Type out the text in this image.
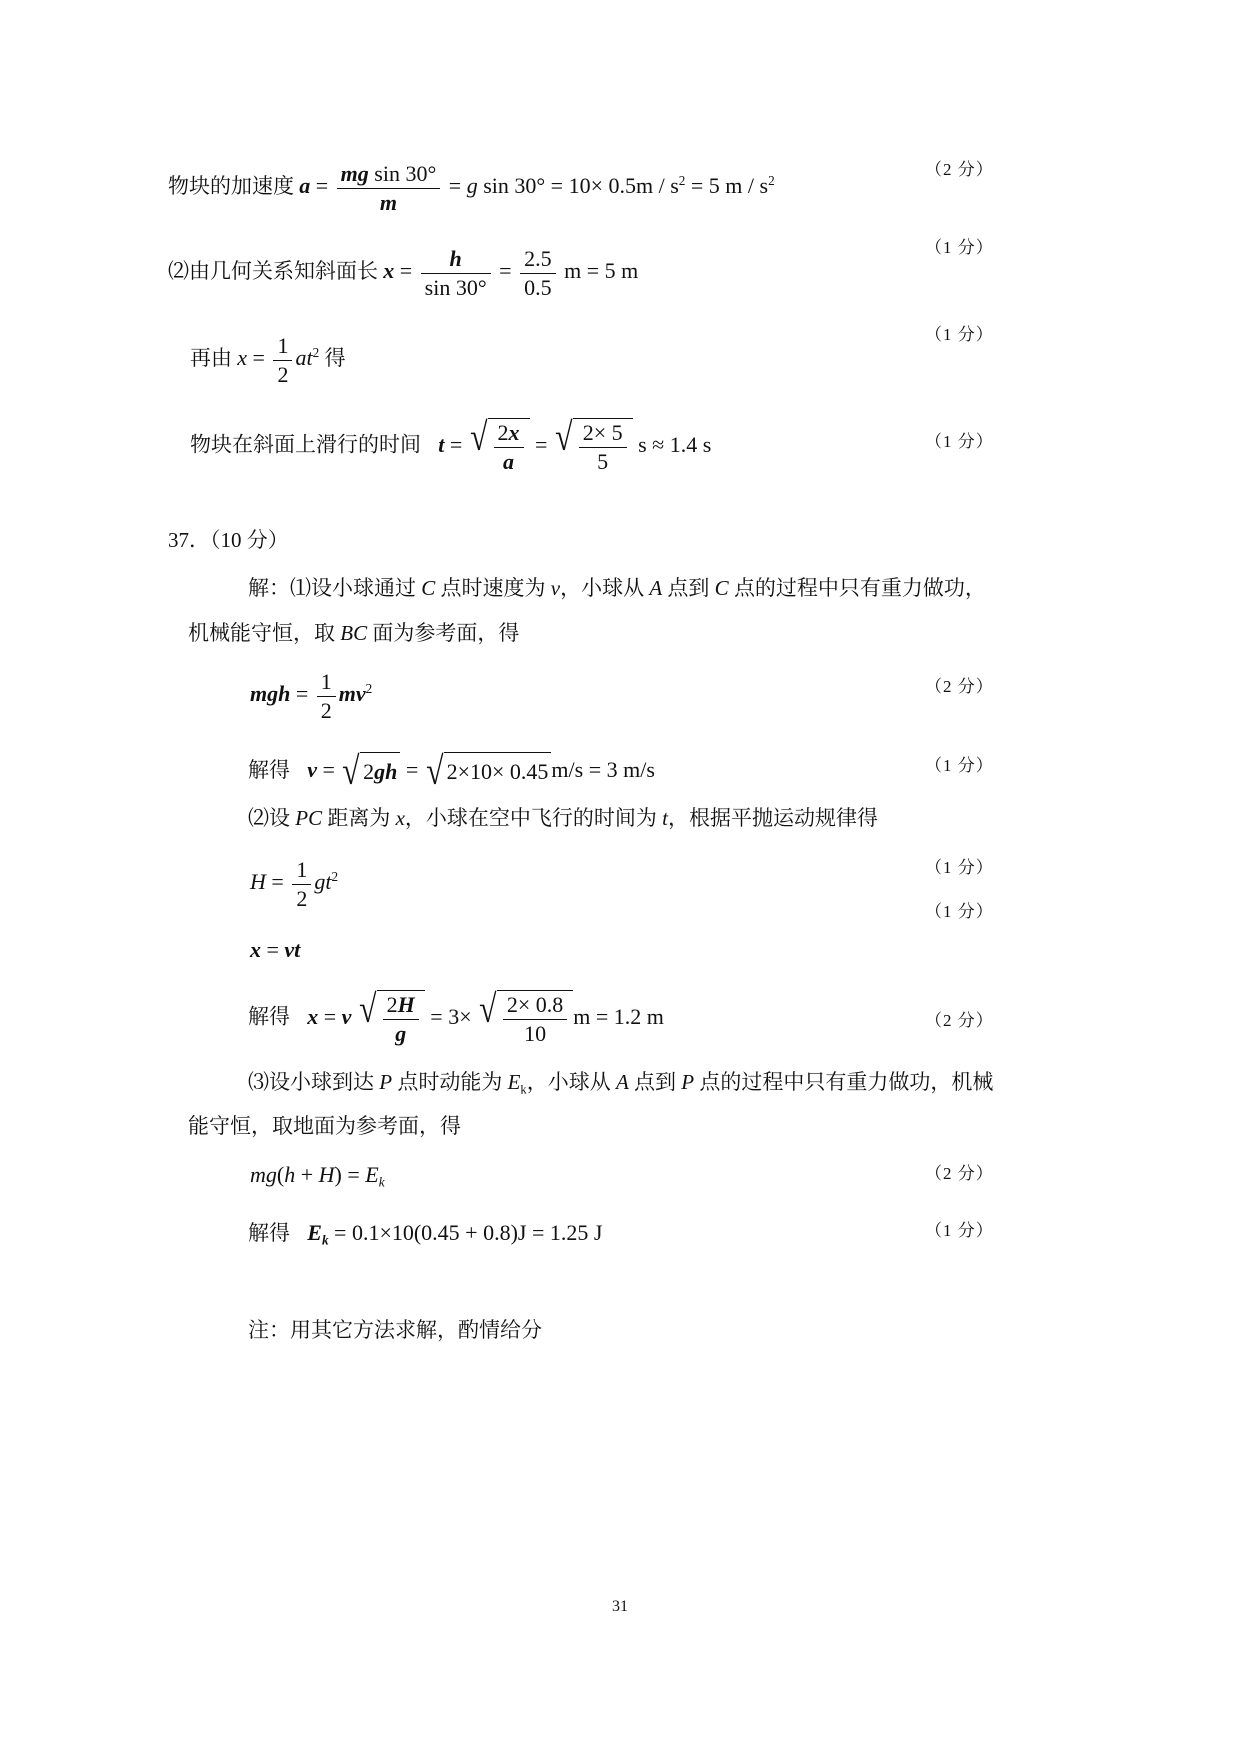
物块的加速度 $a = \frac{\text{mg sin 30°}}{m} = g$ $\sin 30^\circ = 10\times 0.5m / s^2 = 5$ m / $s^2$
（2 分）
⑵由几何关系知斜面长 $x = \frac{h}{\sin 30^\circ} = \frac{2.5}{0.5}$ m = 5 m
（1 分）
再由 $x = \frac{1}{2} at^2$ 得
（1 分）
物块在斜面上滑行的时间 t = √ $\frac{2x}{a}$ = √ $\frac{2\times 5}{5}$ s ≈ 1.4 s	（1 分）
37．（10 分）
解：⑴设小球通过 C 点时速度为 v，小球从 A 点到 C 点的过程中只有重力做功，
机械能守恒，取 BC 面为参考面，得
mgh = $\frac{1}{2} mv^2$	（2 分）
解得 v = √ 2 gh = √ 2×10× 0.45 m/s = 3 m/s	（1 分）
⑵设 PC 距离为 x，小球在空中飞行的时间为 t，根据平抛运动规律得
$H = \frac{1}{2} gt^2$	（1 分）
（1 分）
x = vt
解得 x = v √ $\frac{2H}{g} = 3\times$ √ $\frac{2\times 0.8}{10}$ m = 1.2 m	（2 分）
⑶设小球到达 P 点时动能为 $E_k$，小球从 A 点到 P 点的过程中只有重力做功，机械
能守恒，取地面为参考面，得
$mg(h + H) = E_k$	（2 分）
解得 $E_k = 0.1\times 10(0.45 + 0.8)J = 1.25$ J	（1 分）
注：用其它方法求解，酌情给分
31
